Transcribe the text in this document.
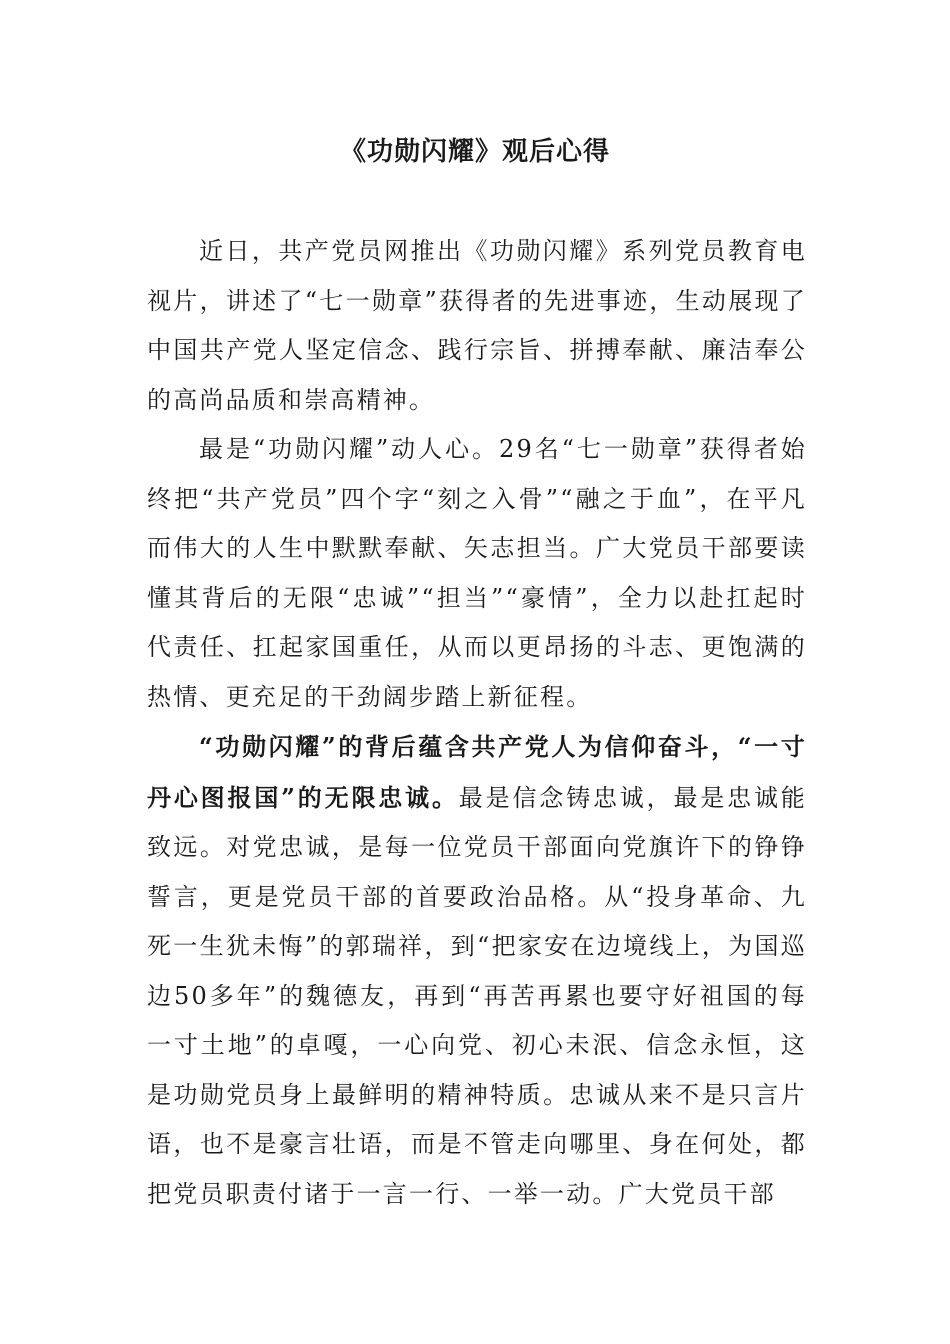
《功勋闪耀》观后心得

近日，共产党员网推出《功勋闪耀》系列党员教育电视片，讲述了“七一勋章”获得者的先进事迹，生动展现了中国共产党人坚定信念、践行宗旨、拼搏奉献、廉洁奉公的高尚品质和崇高精神。

最是“功勋闪耀”动人心。29名“七一勋章”获得者始终把“共产党员”四个字“刻之入骨”“融之于血”，在平凡而伟大的人生中默默奉献、矢志担当。广大党员干部要读懂其背后的无限“忠诚”“担当”“豪情”，全力以赴扛起时代责任、扛起家国重任，从而以更昂扬的斗志、更饱满的热情、更充足的干劲阔步踏上新征程。

“功勋闪耀”的背后蕴含共产党人为信仰奋斗，“一寸丹心图报国”的无限忠诚。最是信念铸忠诚，最是忠诚能致远。对党忠诚，是每一位党员干部面向党旗许下的铮铮誓言，更是党员干部的首要政治品格。从“投身革命、九死一生犹未悔”的郭瑞祥，到“把家安在边境线上，为国巡边50多年”的魏德友，再到“再苦再累也要守好祖国的每一寸土地”的卓嘎，一心向党、初心未泯、信念永恒，这是功勋党员身上最鲜明的精神特质。忠诚从来不是只言片语，也不是豪言壮语，而是不管走向哪里、身在何处，都把党员职责付诸于一言一行、一举一动。广大党员干部
